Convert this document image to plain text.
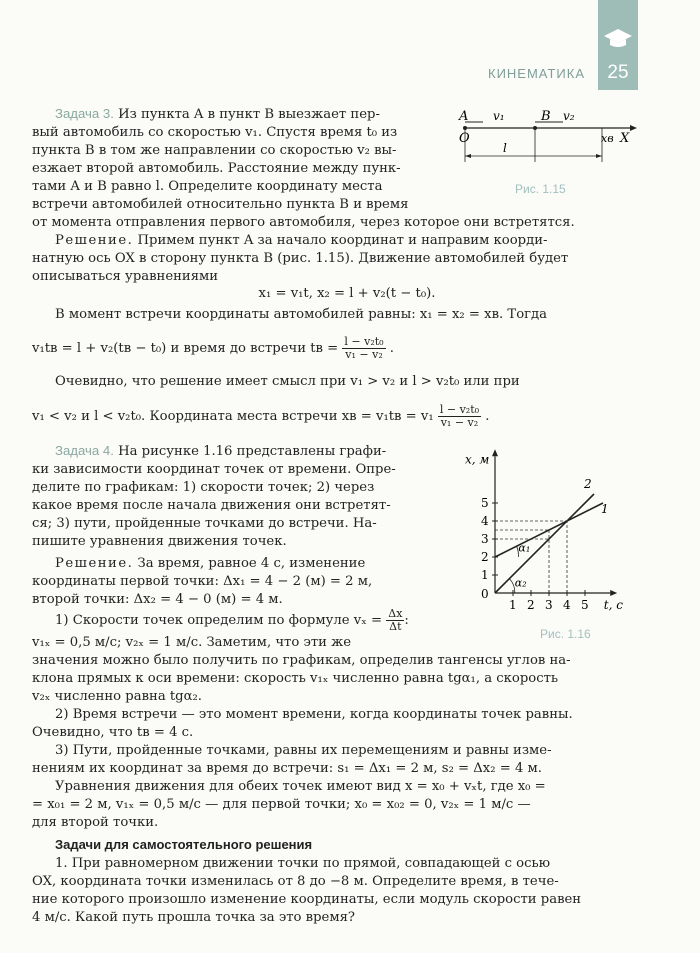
25
КИНЕМАТИКА
Задача 3. Из пункта A в пункт B выезжает пер-
вый автомобиль со скоростью v₁. Спустя время t₀ из
пункта B в том же направлении со скоростью v₂ вы-
езжает второй автомобиль. Расстояние между пунк-
тами A и B равно l. Определите координату места
встречи автомобилей относительно пункта B и время
от момента отправления первого автомобиля, через которое они встретятся.
A
O
v₁	B v₂
xв X
l
Рис. 1.15
Решение. Примем пункт A за начало координат и направим коорди-
натную ось OX в сторону пункта B (рис. 1.15). Движение автомобилей будет
описываться уравнениями
x₁ = v₁t, x₂ = l + v₂(t − t₀).
В момент встречи координаты автомобилей равны: x₁ = x₂ = xв. Тогда
v₁tв = l + v₂(tв − t₀) и время до встречи tв = $\frac{\text{l − v₂t₀}}{\text{v₁ − v₂}}$ .
Очевидно, что решение имеет смысл при v₁ > v₂ и l > v₂t₀ или при
v₁ < v₂ и l < v₂t₀. Координата места встречи xв = $v_1tв = v_1 \frac{\text{l − v₂t₀}}{\text{v₁ − v₂}}$ .
Задача 4. На рисунке 1.16 представлены графи-
ки зависимости координат точек от времени. Опре-
делите по графикам: 1) скорости точек; 2) через
какое время после начала движения они встретят-
ся; 3) пути, пройденные точками до встречи. На-
пишите уравнения движения точек.
Решение. За время, равное 4 с, изменение
координаты первой точки: Δx₁ = 4 − 2 (м) = 2 м,
второй точки: Δx₂ = 4 − 0 (м) = 4 м.
1) Скорости точек определим по формуле $v_x = \frac{\Delta x}{\Delta t}$ :
v₁ₓ = 0,5 м/с; v₂ₓ = 1 м/с. Заметим, что эти же
значения можно было получить по графикам, определив тангенсы углов на-
клона прямых к оси времени: скорость v₁ₓ численно равна tgα₁, а скорость
v₂ₓ численно равна tgα₂.
2) Время встречи — это момент времени, когда координаты точек равны.
Очевидно, что tв = 4 с.
3) Пути, пройденные точками, равны их перемещениям и равны изме-
нениям их координат за время до встречи: s₁ = Δx₁ = 2 м, s₂ = Δx₂ = 4 м.
Уравнения движения для обеих точек имеют вид x = x₀ + vₓt, где x₀ =
= x₀₁ = 2 м, v₁ₓ = 0,5 м/с — для первой точки; x₀ = x₀₂ = 0, v₂ₓ = 1 м/с —
для второй точки.
1 2 3 4 5
1
2
3
4
5
0
t, c
x, м
1
2
α₁
α₂
Рис. 1.16
Задачи для самостоятельного решения
1. При равномерном движении точки по прямой, совпадающей с осью
OX, координата точки изменилась от 8 до −8 м. Определите время, в тече-
ние которого произошло изменение координаты, если модуль скорости равен
4 м/с. Какой путь прошла точка за это время?
